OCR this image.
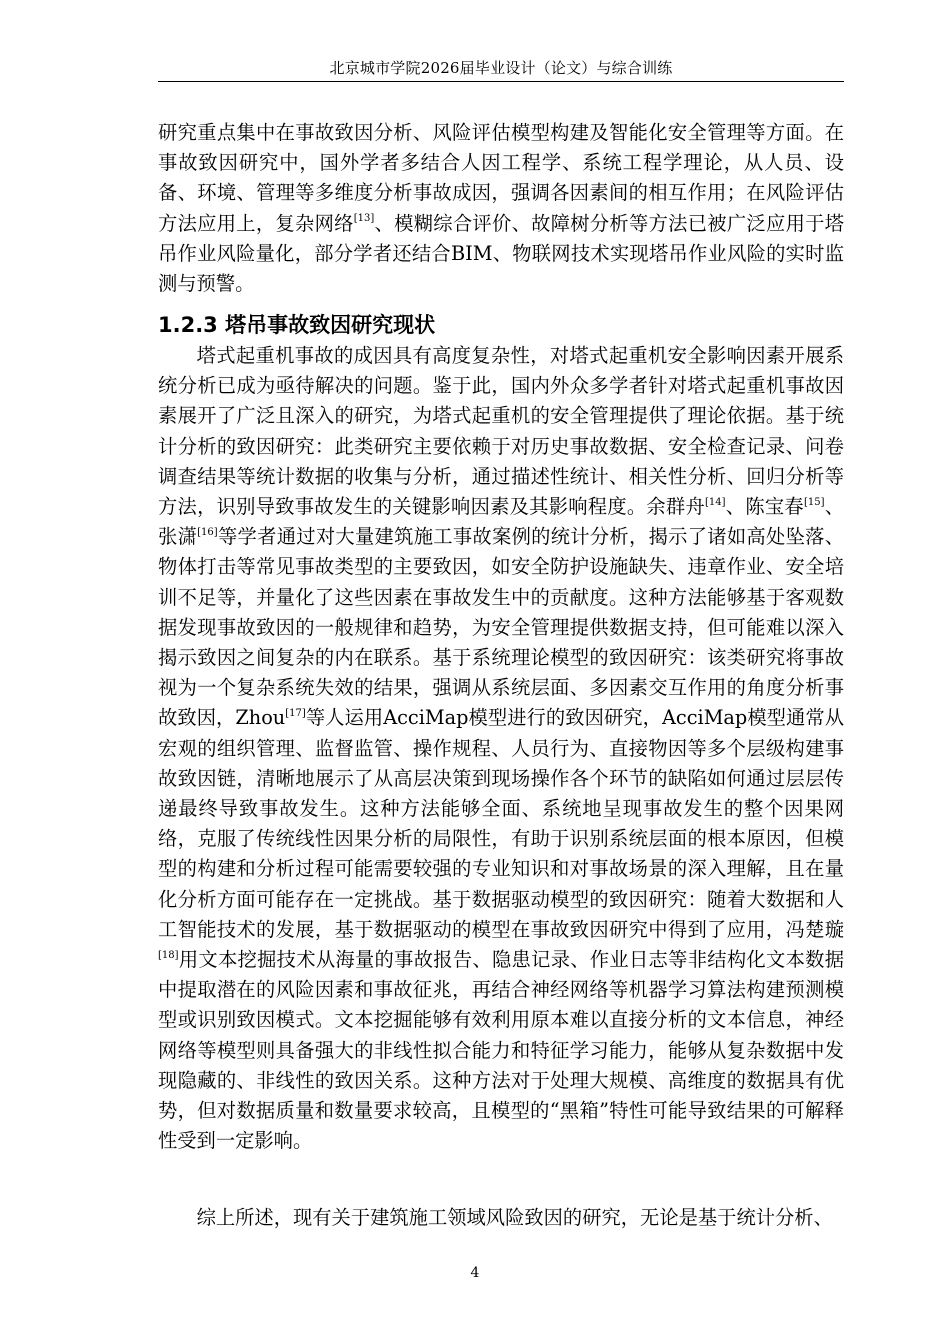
北京城市学院2026届毕业设计（论文）与综合训练

研究重点集中在事故致因分析、风险评估模型构建及智能化安全管理等方面。在事故致因研究中，国外学者多结合人因工程学、系统工程学理论，从人员、设备、环境、管理等多维度分析事故成因，强调各因素间的相互作用；在风险评估方法应用上，复杂网络[13]、模糊综合评价、故障树分析等方法已被广泛应用于塔吊作业风险量化，部分学者还结合BIM、物联网技术实现塔吊作业风险的实时监测与预警。

1.2.3 塔吊事故致因研究现状

塔式起重机事故的成因具有高度复杂性，对塔式起重机安全影响因素开展系统分析已成为亟待解决的问题。鉴于此，国内外众多学者针对塔式起重机事故因素展开了广泛且深入的研究，为塔式起重机的安全管理提供了理论依据。基于统计分析的致因研究：此类研究主要依赖于对历史事故数据、安全检查记录、问卷调查结果等统计数据的收集与分析，通过描述性统计、相关性分析、回归分析等方法，识别导致事故发生的关键影响因素及其影响程度。余群舟[14]、陈宝春[15]、张潇[16]等学者通过对大量建筑施工事故案例的统计分析，揭示了诸如高处坠落、物体打击等常见事故类型的主要致因，如安全防护设施缺失、违章作业、安全培训不足等，并量化了这些因素在事故发生中的贡献度。这种方法能够基于客观数据发现事故致因的一般规律和趋势，为安全管理提供数据支持，但可能难以深入揭示致因之间复杂的内在联系。基于系统理论模型的致因研究：该类研究将事故视为一个复杂系统失效的结果，强调从系统层面、多因素交互作用的角度分析事故致因，Zhou[17]等人运用AcciMap模型进行的致因研究，AcciMap模型通常从宏观的组织管理、监督监管、操作规程、人员行为、直接物因等多个层级构建事故致因链，清晰地展示了从高层决策到现场操作各个环节的缺陷如何通过层层传递最终导致事故发生。这种方法能够全面、系统地呈现事故发生的整个因果网络，克服了传统线性因果分析的局限性，有助于识别系统层面的根本原因，但模型的构建和分析过程可能需要较强的专业知识和对事故场景的深入理解，且在量化分析方面可能存在一定挑战。基于数据驱动模型的致因研究：随着大数据和人工智能技术的发展，基于数据驱动的模型在事故致因研究中得到了应用，冯楚璇[18]用文本挖掘技术从海量的事故报告、隐患记录、作业日志等非结构化文本数据中提取潜在的风险因素和事故征兆，再结合神经网络等机器学习算法构建预测模型或识别致因模式。文本挖掘能够有效利用原本难以直接分析的文本信息，神经网络等模型则具备强大的非线性拟合能力和特征学习能力，能够从复杂数据中发现隐藏的、非线性的致因关系。这种方法对于处理大规模、高维度的数据具有优势，但对数据质量和数量要求较高，且模型的“黑箱”特性可能导致结果的可解释性受到一定影响。

综上所述，现有关于建筑施工领域风险致因的研究，无论是基于统计分析、

4
